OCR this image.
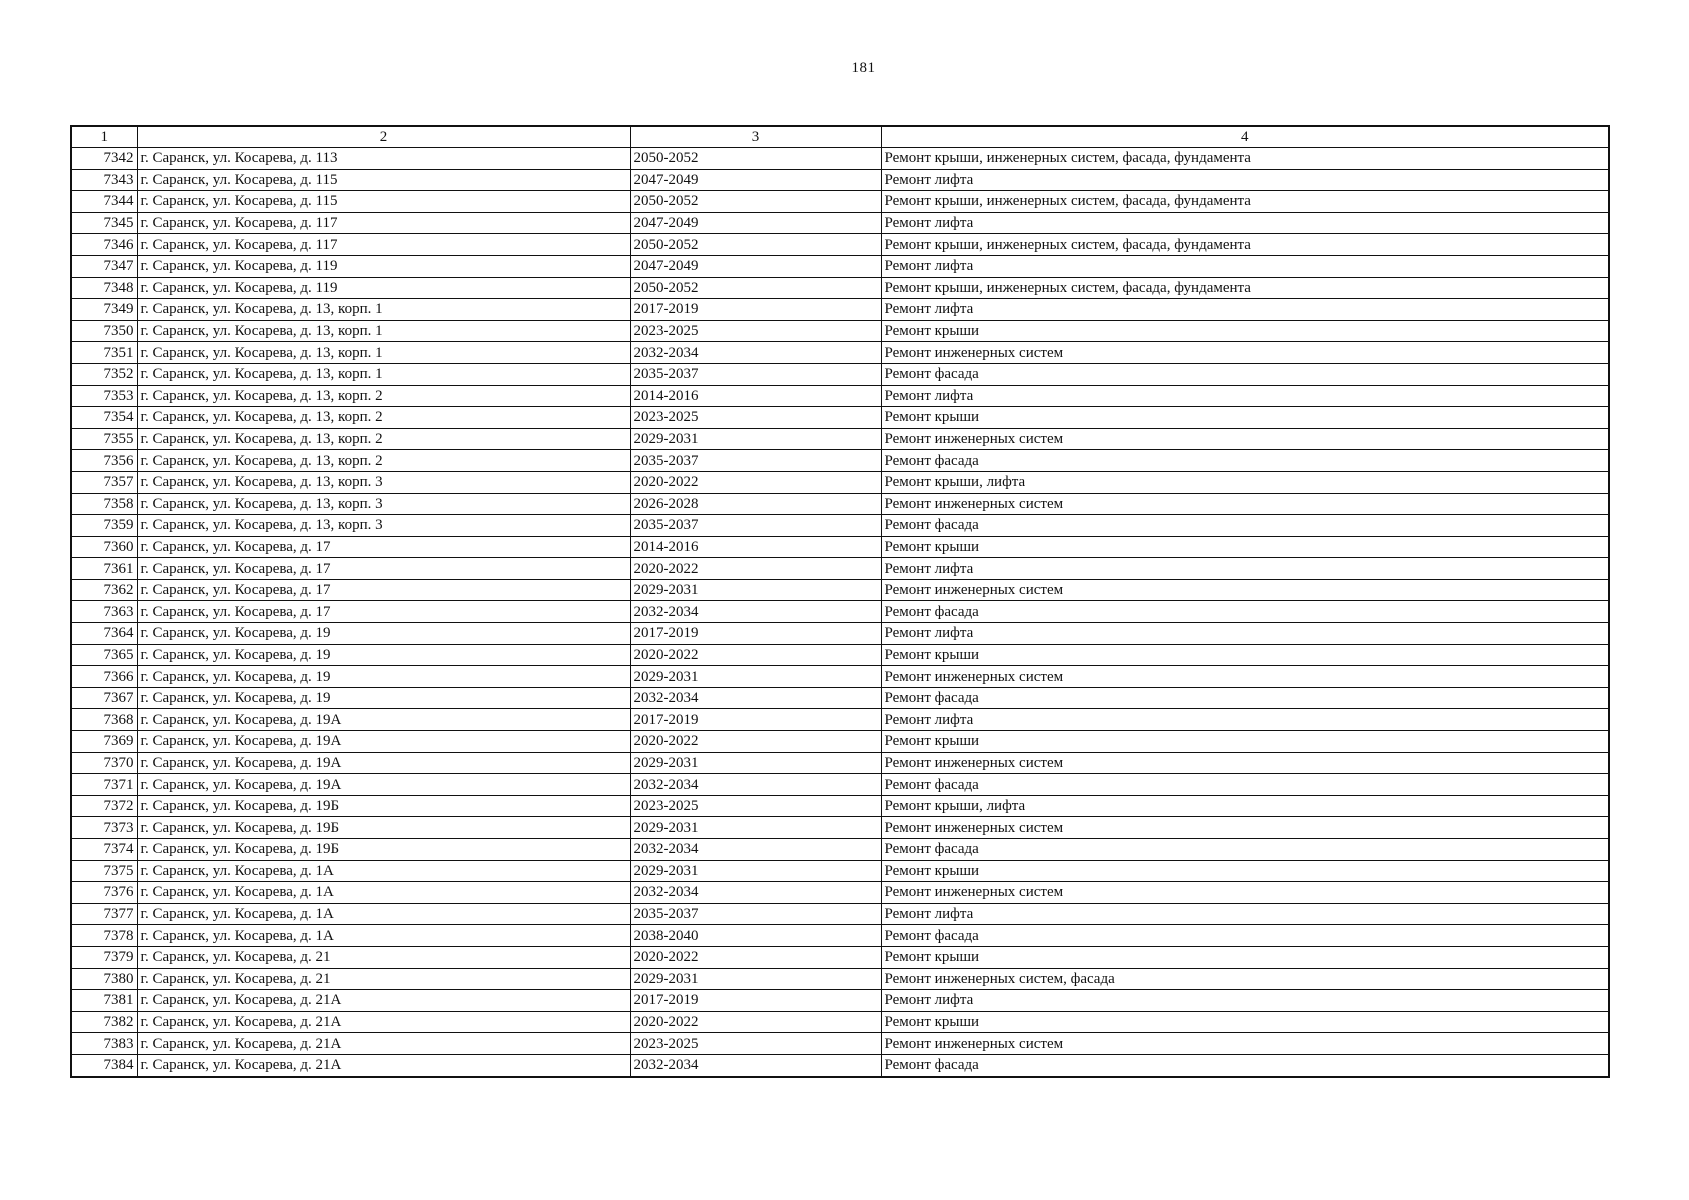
181
1	2	3	4
7342	г. Саранск, ул. Косарева, д. 113	2050-2052	Ремонт крыши, инженерных систем, фасада, фундамента
7343	г. Саранск, ул. Косарева, д. 115	2047-2049	Ремонт лифта
7344	г. Саранск, ул. Косарева, д. 115	2050-2052	Ремонт крыши, инженерных систем, фасада, фундамента
7345	г. Саранск, ул. Косарева, д. 117	2047-2049	Ремонт лифта
7346	г. Саранск, ул. Косарева, д. 117	2050-2052	Ремонт крыши, инженерных систем, фасада, фундамента
7347	г. Саранск, ул. Косарева, д. 119	2047-2049	Ремонт лифта
7348	г. Саранск, ул. Косарева, д. 119	2050-2052	Ремонт крыши, инженерных систем, фасада, фундамента
7349	г. Саранск, ул. Косарева, д. 13, корп. 1	2017-2019	Ремонт лифта
7350	г. Саранск, ул. Косарева, д. 13, корп. 1	2023-2025	Ремонт крыши
7351	г. Саранск, ул. Косарева, д. 13, корп. 1	2032-2034	Ремонт инженерных систем
7352	г. Саранск, ул. Косарева, д. 13, корп. 1	2035-2037	Ремонт фасада
7353	г. Саранск, ул. Косарева, д. 13, корп. 2	2014-2016	Ремонт лифта
7354	г. Саранск, ул. Косарева, д. 13, корп. 2	2023-2025	Ремонт крыши
7355	г. Саранск, ул. Косарева, д. 13, корп. 2	2029-2031	Ремонт инженерных систем
7356	г. Саранск, ул. Косарева, д. 13, корп. 2	2035-2037	Ремонт фасада
7357	г. Саранск, ул. Косарева, д. 13, корп. 3	2020-2022	Ремонт крыши, лифта
7358	г. Саранск, ул. Косарева, д. 13, корп. 3	2026-2028	Ремонт инженерных систем
7359	г. Саранск, ул. Косарева, д. 13, корп. 3	2035-2037	Ремонт фасада
7360	г. Саранск, ул. Косарева, д. 17	2014-2016	Ремонт крыши
7361	г. Саранск, ул. Косарева, д. 17	2020-2022	Ремонт лифта
7362	г. Саранск, ул. Косарева, д. 17	2029-2031	Ремонт инженерных систем
7363	г. Саранск, ул. Косарева, д. 17	2032-2034	Ремонт фасада
7364	г. Саранск, ул. Косарева, д. 19	2017-2019	Ремонт лифта
7365	г. Саранск, ул. Косарева, д. 19	2020-2022	Ремонт крыши
7366	г. Саранск, ул. Косарева, д. 19	2029-2031	Ремонт инженерных систем
7367	г. Саранск, ул. Косарева, д. 19	2032-2034	Ремонт фасада
7368	г. Саранск, ул. Косарева, д. 19А	2017-2019	Ремонт лифта
7369	г. Саранск, ул. Косарева, д. 19А	2020-2022	Ремонт крыши
7370	г. Саранск, ул. Косарева, д. 19А	2029-2031	Ремонт инженерных систем
7371	г. Саранск, ул. Косарева, д. 19А	2032-2034	Ремонт фасада
7372	г. Саранск, ул. Косарева, д. 19Б	2023-2025	Ремонт крыши, лифта
7373	г. Саранск, ул. Косарева, д. 19Б	2029-2031	Ремонт инженерных систем
7374	г. Саранск, ул. Косарева, д. 19Б	2032-2034	Ремонт фасада
7375	г. Саранск, ул. Косарева, д. 1А	2029-2031	Ремонт крыши
7376	г. Саранск, ул. Косарева, д. 1А	2032-2034	Ремонт инженерных систем
7377	г. Саранск, ул. Косарева, д. 1А	2035-2037	Ремонт лифта
7378	г. Саранск, ул. Косарева, д. 1А	2038-2040	Ремонт фасада
7379	г. Саранск, ул. Косарева, д. 21	2020-2022	Ремонт крыши
7380	г. Саранск, ул. Косарева, д. 21	2029-2031	Ремонт инженерных систем, фасада
7381	г. Саранск, ул. Косарева, д. 21А	2017-2019	Ремонт лифта
7382	г. Саранск, ул. Косарева, д. 21А	2020-2022	Ремонт крыши
7383	г. Саранск, ул. Косарева, д. 21А	2023-2025	Ремонт инженерных систем
7384	г. Саранск, ул. Косарева, д. 21А	2032-2034	Ремонт фасада
